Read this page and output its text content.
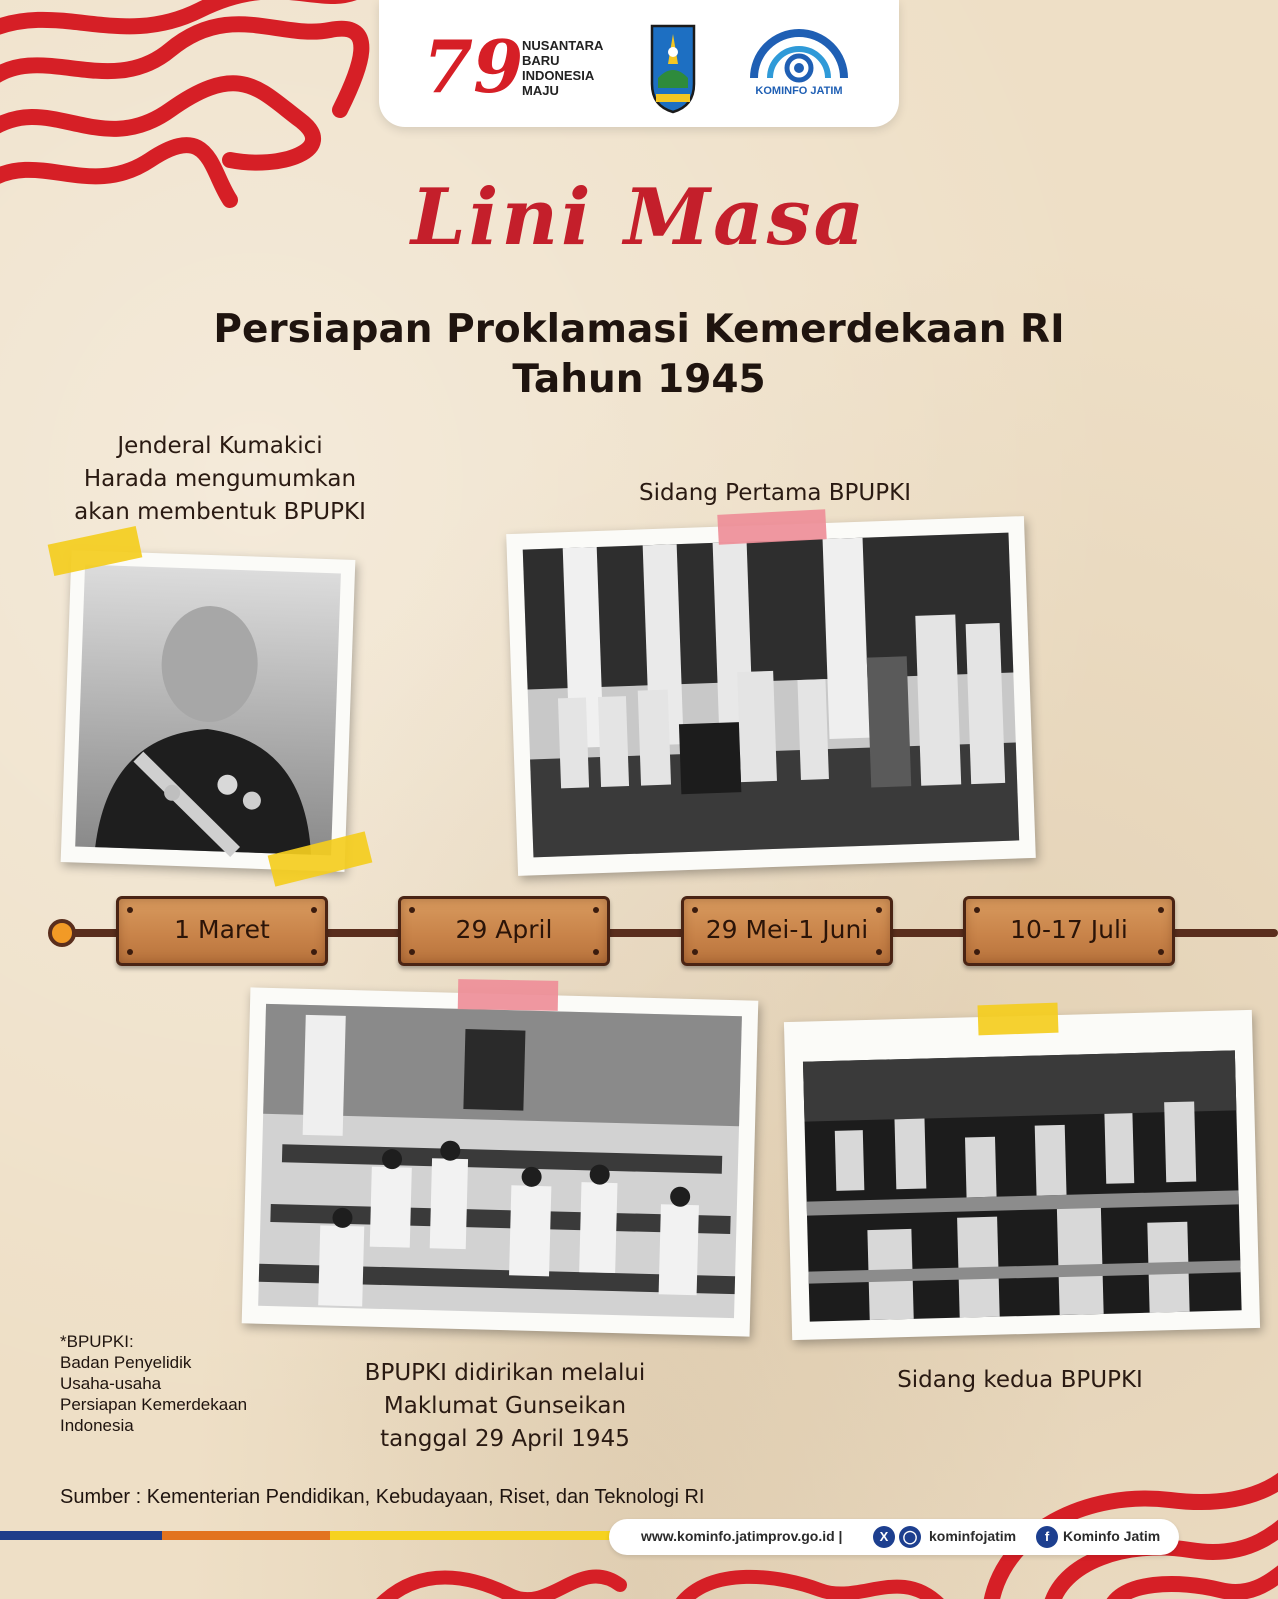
79
NUSANTARA
BARU
INDONESIA
MAJU	KOMINFO JATIM
Lini Masa
Persiapan Proklamasi Kemerdekaan RI
Tahun 1945
Jenderal Kumakici
Harada mengumumkan
akan membentuk BPUPKI
Sidang Pertama BPUPKI
1 Maret	29 April	29 Mei-1 Juni	10-17 Juli
BPUPKI didirikan melalui
Maklumat Gunseikan
tanggal 29 April 1945
Sidang kedua BPUPKI
*BPUPKI:
Badan Penyelidik
Usaha-usaha
Persiapan Kemerdekaan
Indonesia
Sumber : Kementerian Pendidikan, Kebudayaan, Riset, dan Teknologi RI
www.kominfo.jatimprov.go.id |	X	◯ kominfojatim	f Kominfo Jatim
